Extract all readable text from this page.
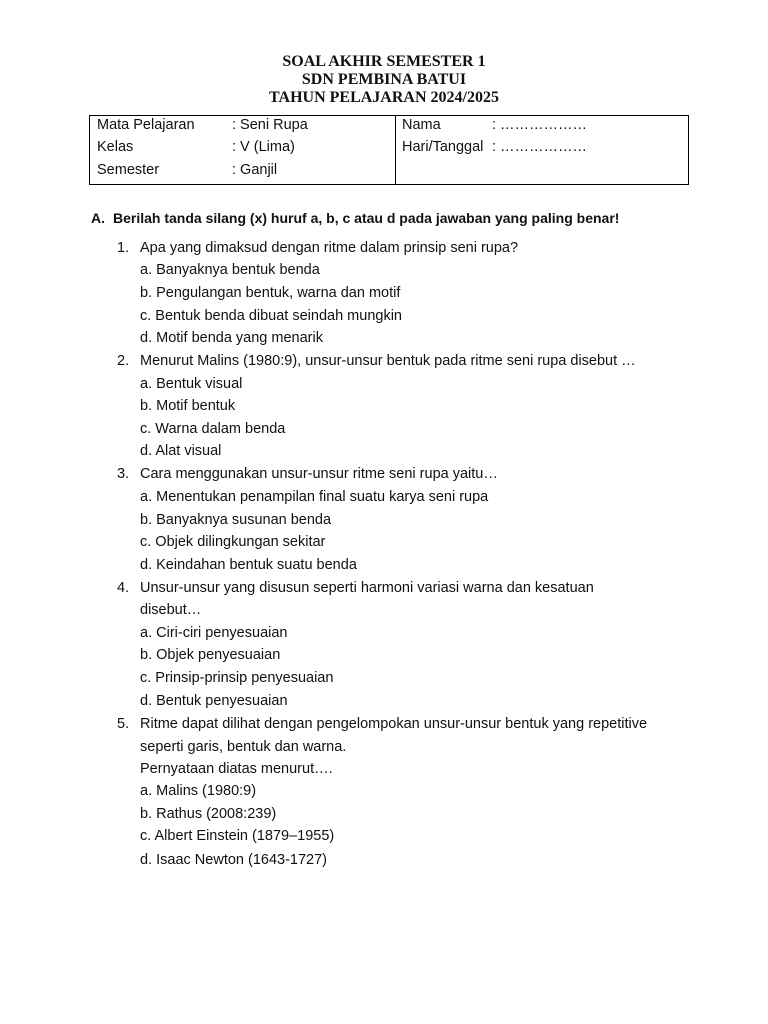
SOAL AKHIR SEMESTER 1
SDN PEMBINA BATUI
TAHUN PELAJARAN 2024/2025
Mata Pelajaran	: Seni Rupa
Kelas	: V (Lima)
Semester	: Ganjil
Nama	: ………………
Hari/Tanggal : ………………
A. Berilah tanda silang (x) huruf a, b, c atau d pada jawaban yang paling benar!
1. Apa yang dimaksud dengan ritme dalam prinsip seni rupa?
a. Banyaknya bentuk benda
b. Pengulangan bentuk, warna dan motif
c. Bentuk benda dibuat seindah mungkin
d. Motif benda yang menarik
2. Menurut Malins (1980:9), unsur-unsur bentuk pada ritme seni rupa disebut …
a. Bentuk visual
b. Motif bentuk
c. Warna dalam benda
d. Alat visual
3. Cara menggunakan unsur-unsur ritme seni rupa yaitu…
a. Menentukan penampilan final suatu karya seni rupa
b. Banyaknya susunan benda
c. Objek dilingkungan sekitar
d. Keindahan bentuk suatu benda
4. Unsur-unsur yang disusun seperti harmoni variasi warna dan kesatuan
disebut…
a. Ciri-ciri penyesuaian
b. Objek penyesuaian
c. Prinsip-prinsip penyesuaian
d. Bentuk penyesuaian
5. Ritme dapat dilihat dengan pengelompokan unsur-unsur bentuk yang repetitive
seperti garis, bentuk dan warna.
Pernyataan diatas menurut….
a. Malins (1980:9)
b. Rathus (2008:239)
c. Albert Einstein (1879–1955)
d. Isaac Newton (1643-1727)
